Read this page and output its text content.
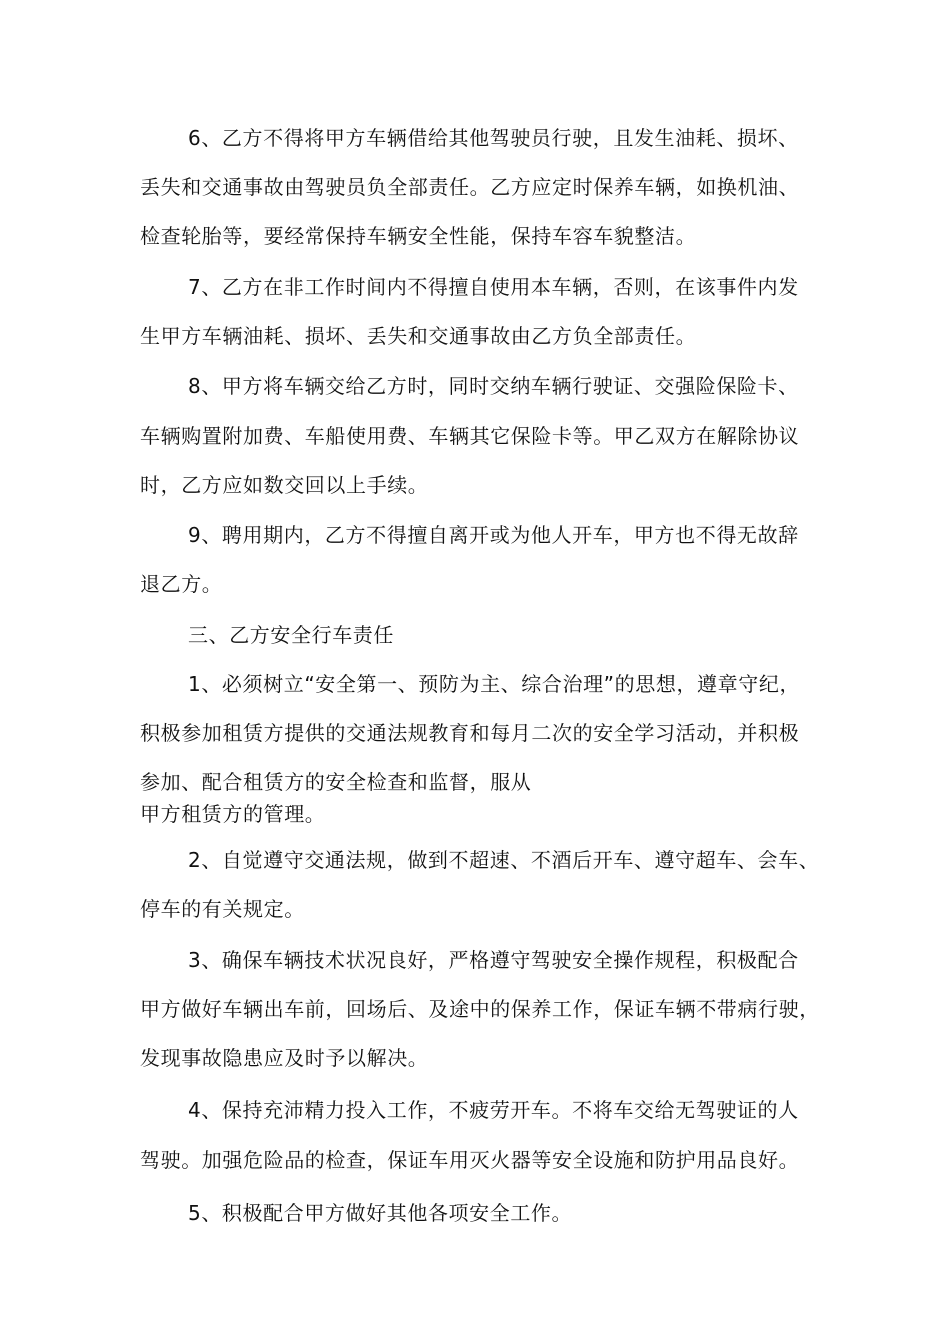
6、乙方不得将甲方车辆借给其他驾驶员行驶，且发生油耗、损坏、

丢失和交通事故由驾驶员负全部责任。乙方应定时保养车辆，如换机油、

检查轮胎等，要经常保持车辆安全性能，保持车容车貌整洁。

7、乙方在非工作时间内不得擅自使用本车辆，否则，在该事件内发

生甲方车辆油耗、损坏、丢失和交通事故由乙方负全部责任。

8、甲方将车辆交给乙方时，同时交纳车辆行驶证、交强险保险卡、

车辆购置附加费、车船使用费、车辆其它保险卡等。甲乙双方在解除协议

时，乙方应如数交回以上手续。

9、聘用期内，乙方不得擅自离开或为他人开车，甲方也不得无故辞

退乙方。

三、乙方安全行车责任

1、必须树立“安全第一、预防为主、综合治理”的思想，遵章守纪，

积极参加租赁方提供的交通法规教育和每月二次的安全学习活动，并积极

参加、配合租赁方的安全检查和监督，服从

甲方租赁方的管理。

2、自觉遵守交通法规，做到不超速、不酒后开车、遵守超车、会车、

停车的有关规定。

3、确保车辆技术状况良好，严格遵守驾驶安全操作规程，积极配合

甲方做好车辆出车前，回场后、及途中的保养工作，保证车辆不带病行驶，

发现事故隐患应及时予以解决。

4、保持充沛精力投入工作，不疲劳开车。不将车交给无驾驶证的人

驾驶。加强危险品的检查，保证车用灭火器等安全设施和防护用品良好。

5、积极配合甲方做好其他各项安全工作。
